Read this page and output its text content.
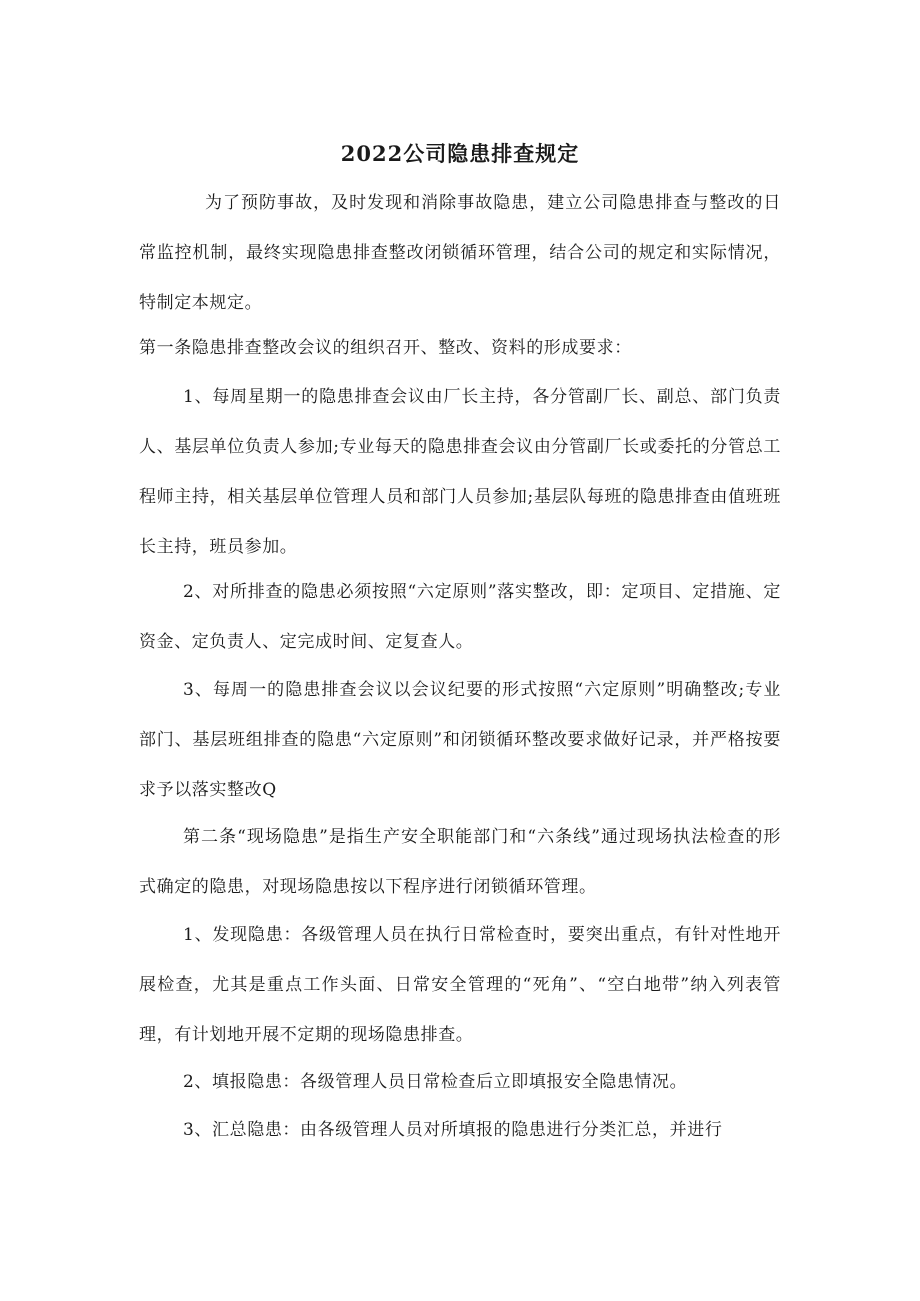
2022公司隐患排查规定

为了预防事故，及时发现和消除事故隐患，建立公司隐患排查与整改的日常监控机制，最终实现隐患排查整改闭锁循环管理，结合公司的规定和实际情况，特制定本规定。

第一条隐患排查整改会议的组织召开、整改、资料的形成要求：

1、每周星期一的隐患排查会议由厂长主持，各分管副厂长、副总、部门负责人、基层单位负责人参加;专业每天的隐患排查会议由分管副厂长或委托的分管总工程师主持，相关基层单位管理人员和部门人员参加;基层队每班的隐患排查由值班班长主持，班员参加。

2、对所排查的隐患必须按照“六定原则”落实整改，即：定项目、定措施、定资金、定负责人、定完成时间、定复查人。

3、每周一的隐患排查会议以会议纪要的形式按照“六定原则”明确整改;专业部门、基层班组排查的隐患“六定原则”和闭锁循环整改要求做好记录，并严格按要求予以落实整改Q

第二条“现场隐患”是指生产安全职能部门和“六条线”通过现场执法检查的形式确定的隐患，对现场隐患按以下程序进行闭锁循环管理。

1、发现隐患：各级管理人员在执行日常检查时，要突出重点，有针对性地开展检查，尤其是重点工作头面、日常安全管理的“死角”、“空白地带”纳入列表管理，有计划地开展不定期的现场隐患排查。

2、填报隐患：各级管理人员日常检查后立即填报安全隐患情况。

3、汇总隐患：由各级管理人员对所填报的隐患进行分类汇总，并进行
